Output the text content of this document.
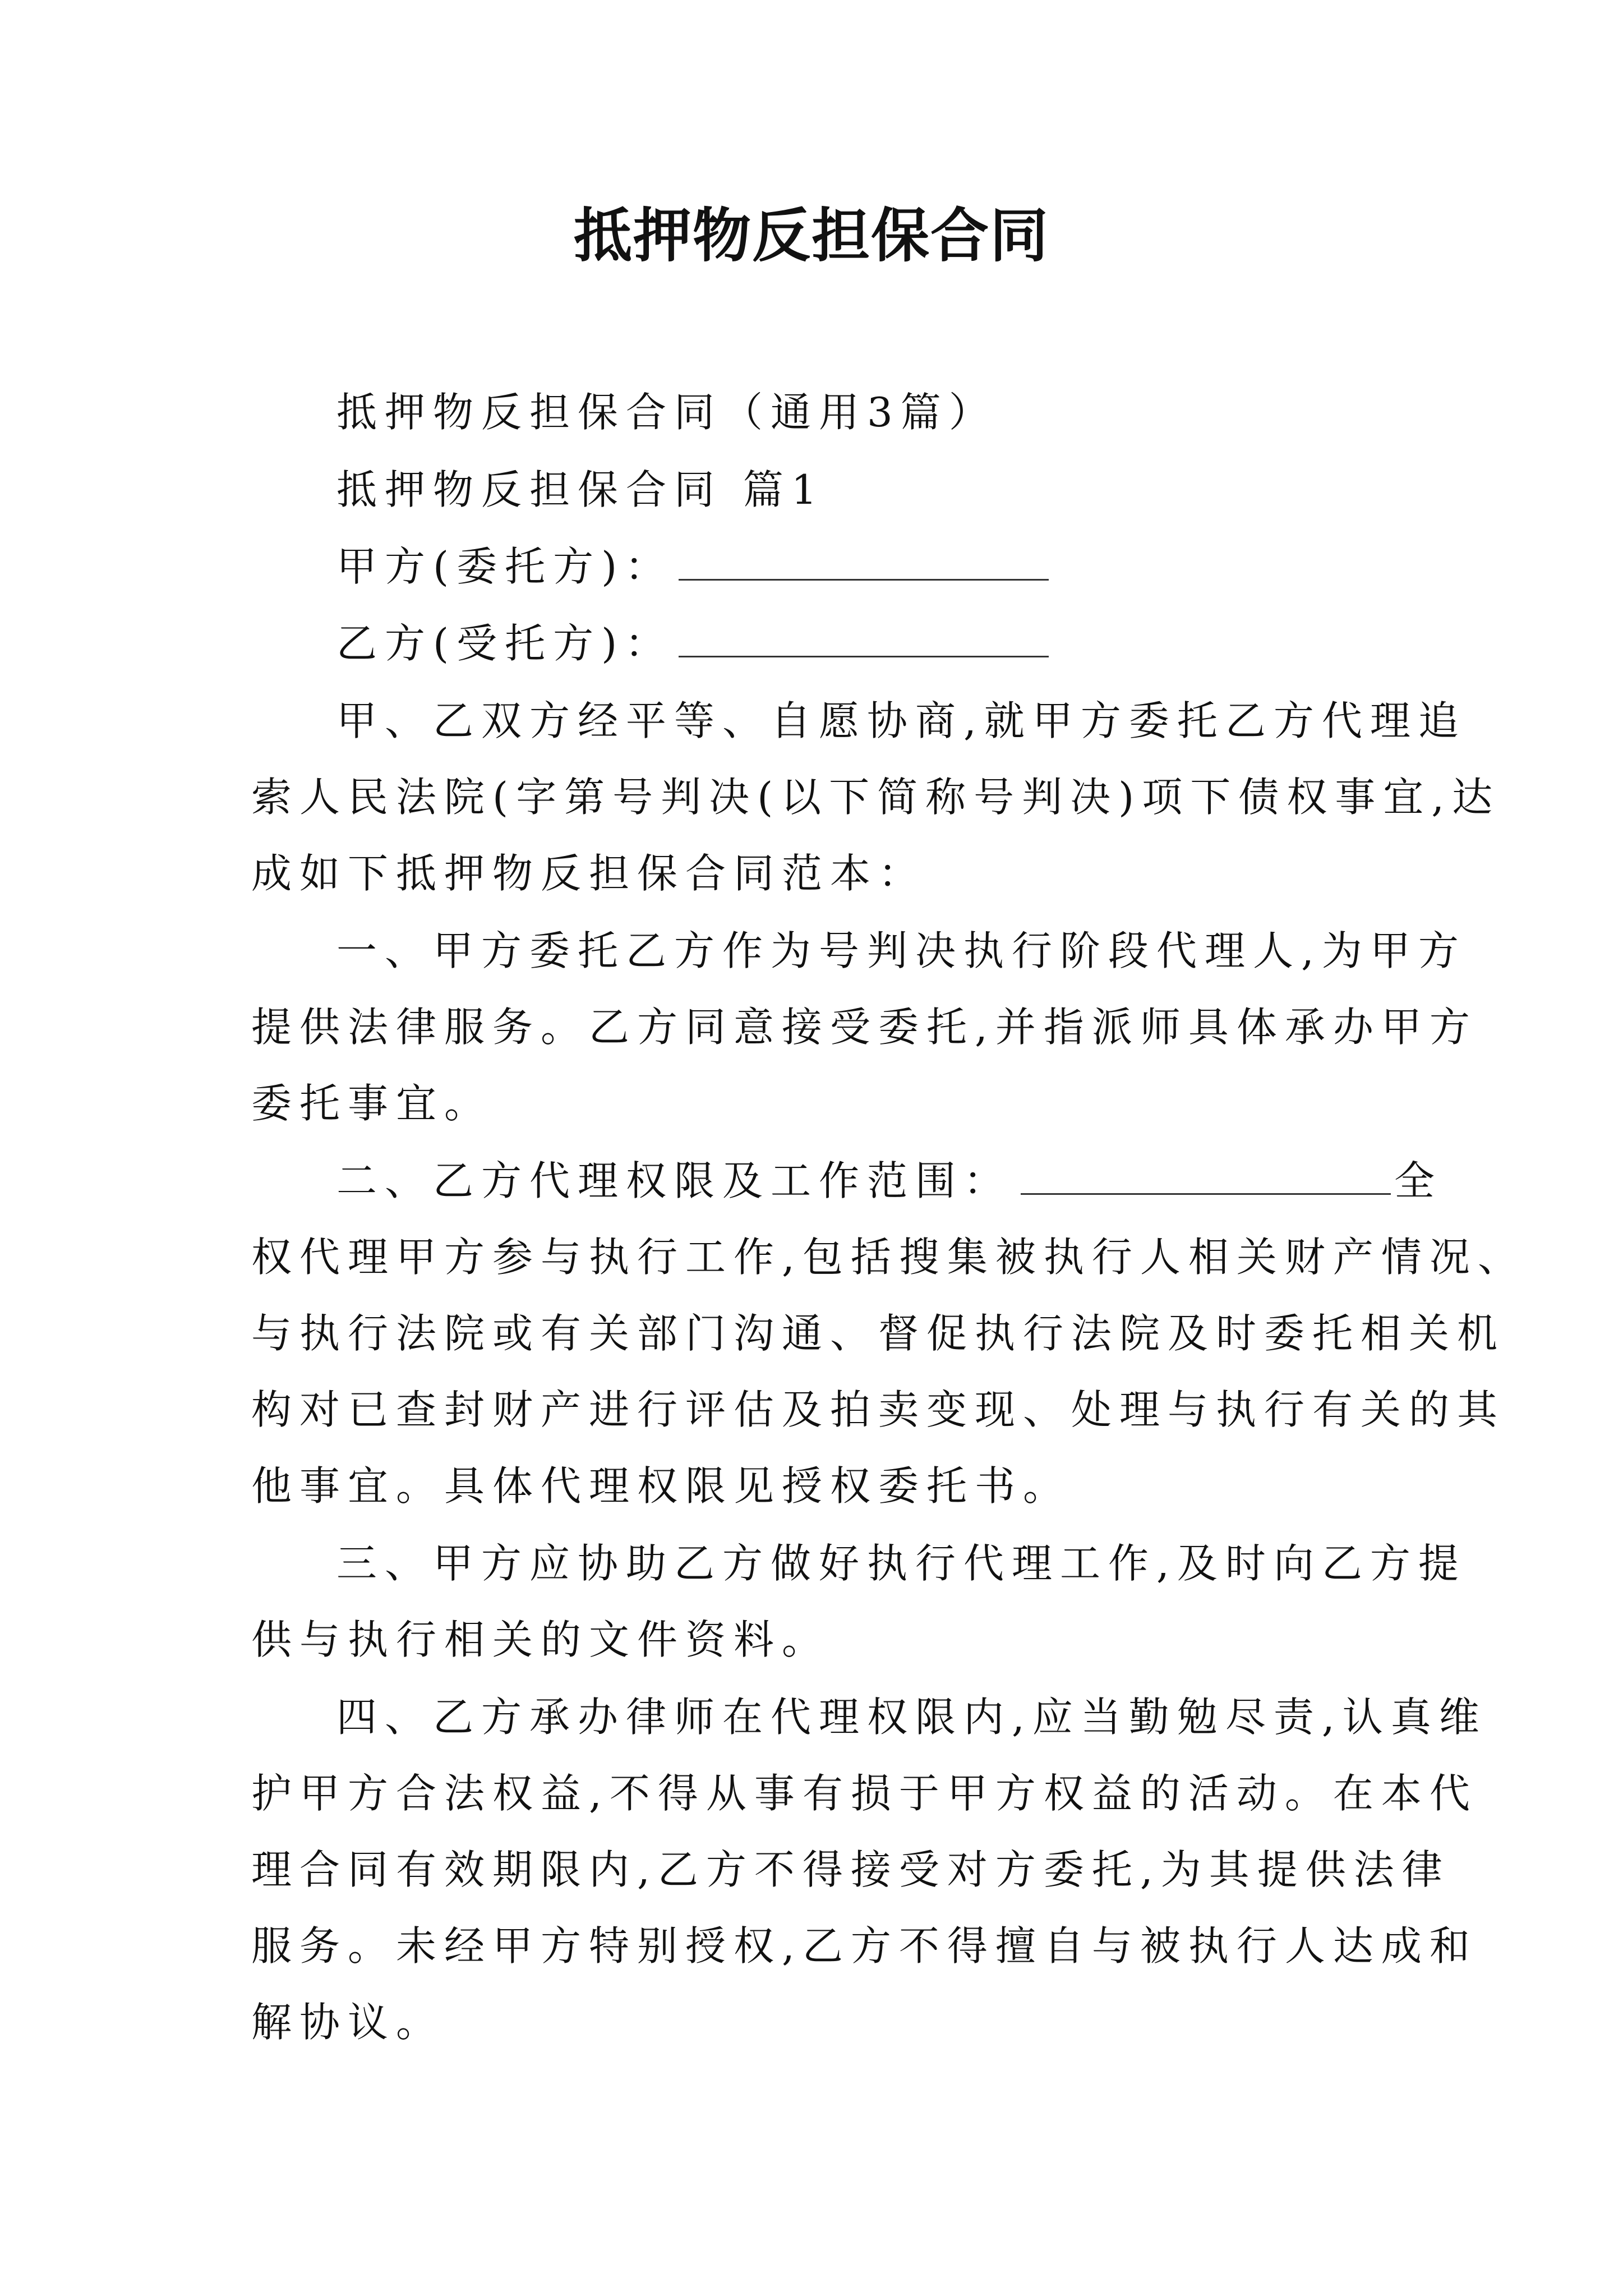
抵押物反担保合同
抵押物反担保合同（通用3篇）
抵押物反担保合同 篇1
甲方(委托方)：
乙方(受托方)：
甲、乙双方经平等、自愿协商,就甲方委托乙方代理追
索人民法院(字第号判决(以下简称号判决)项下债权事宜,达
成如下抵押物反担保合同范本：
一、甲方委托乙方作为号判决执行阶段代理人,为甲方
提供法律服务。乙方同意接受委托,并指派师具体承办甲方
委托事宜。
二、乙方代理权限及工作范围：	全
权代理甲方参与执行工作,包括搜集被执行人相关财产情况、
与执行法院或有关部门沟通、督促执行法院及时委托相关机
构对已查封财产进行评估及拍卖变现、处理与执行有关的其
他事宜。具体代理权限见授权委托书。
三、甲方应协助乙方做好执行代理工作,及时向乙方提
供与执行相关的文件资料。
四、乙方承办律师在代理权限内,应当勤勉尽责,认真维
护甲方合法权益,不得从事有损于甲方权益的活动。在本代
理合同有效期限内,乙方不得接受对方委托,为其提供法律
服务。未经甲方特别授权,乙方不得擅自与被执行人达成和
解协议。
